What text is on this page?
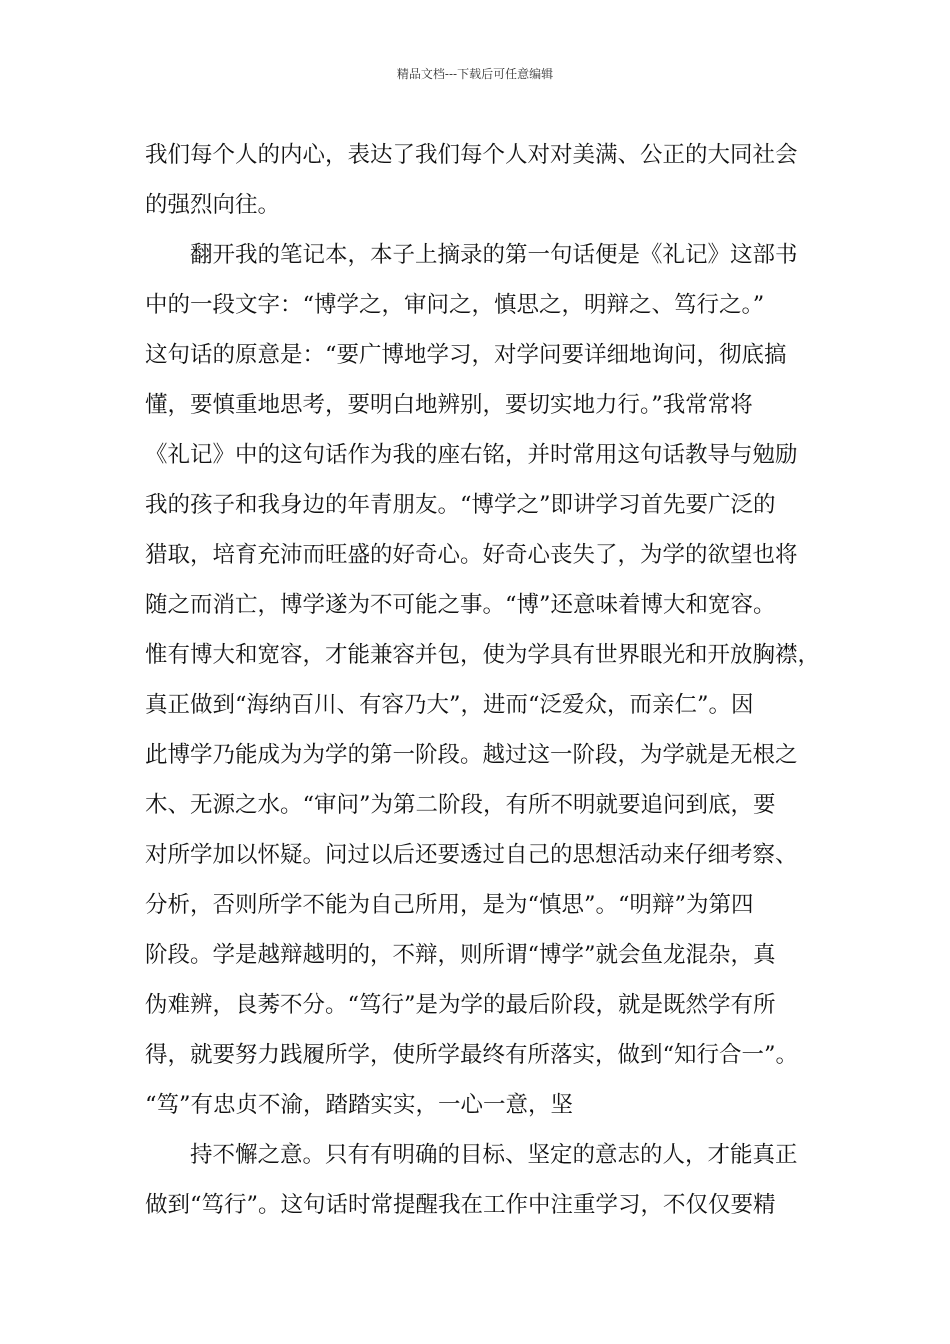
精品文档---下载后可任意编辑
我们每个人的内心，表达了我们每个人对对美满、公正的大同社会
的强烈向往。
翻开我的笔记本，本子上摘录的第一句话便是《礼记》这部书
中的一段文字：“博学之，审问之，慎思之，明辩之、笃行之。”
这句话的原意是：“要广博地学习，对学问要详细地询问，彻底搞
懂，要慎重地思考，要明白地辨别，要切实地力行。”我常常将
《礼记》中的这句话作为我的座右铭，并时常用这句话教导与勉励
我的孩子和我身边的年青朋友。“博学之”即讲学习首先要广泛的
猎取，培育充沛而旺盛的好奇心。好奇心丧失了，为学的欲望也将
随之而消亡，博学遂为不可能之事。“博”还意味着博大和宽容。
惟有博大和宽容，才能兼容并包，使为学具有世界眼光和开放胸襟，
真正做到“海纳百川、有容乃大”，进而“泛爱众，而亲仁”。因
此博学乃能成为为学的第一阶段。越过这一阶段，为学就是无根之
木、无源之水。“审问”为第二阶段，有所不明就要追问到底，要
对所学加以怀疑。问过以后还要透过自己的思想活动来仔细考察、
分析，否则所学不能为自己所用，是为“慎思”。“明辩”为第四
阶段。学是越辩越明的，不辩，则所谓“博学”就会鱼龙混杂，真
伪难辨，良莠不分。“笃行”是为学的最后阶段，就是既然学有所
得，就要努力践履所学，使所学最终有所落实，做到“知行合一”。
“笃”有忠贞不渝，踏踏实实，一心一意，坚
持不懈之意。只有有明确的目标、坚定的意志的人，才能真正
做到“笃行”。这句话时常提醒我在工作中注重学习，不仅仅要精
